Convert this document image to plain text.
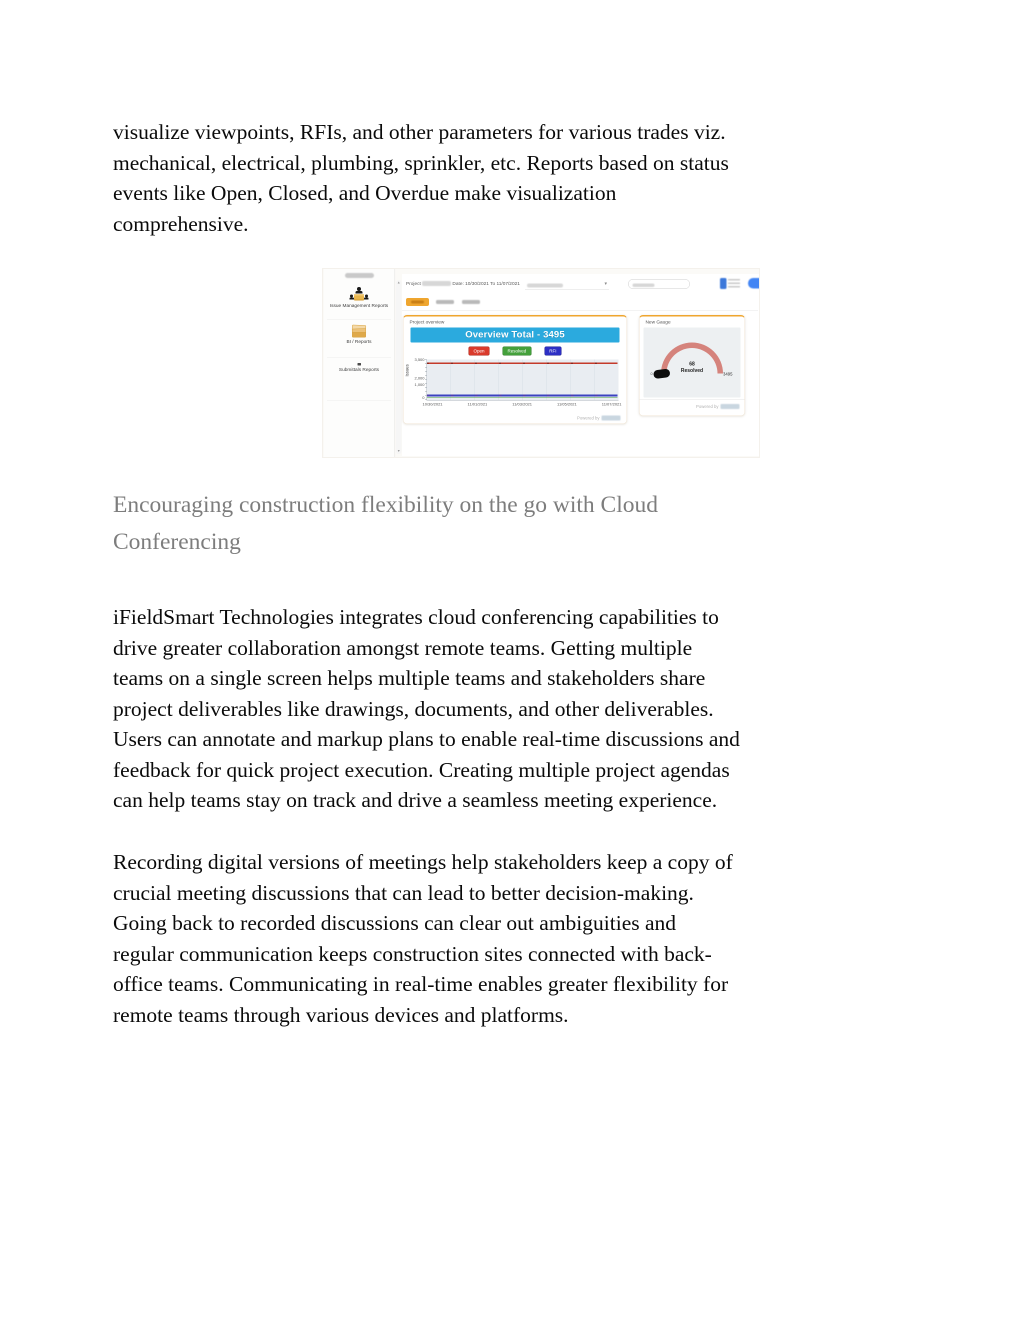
visualize viewpoints, RFIs, and other parameters for various trades viz.
mechanical, electrical, plumbing, sprinkler, etc. Reports based on status
events like Open, Closed, and Overdue make visualization
comprehensive.
Issue Management Reports
BI / Reports
Submittals Reports
▲
▼
Project	Date: 10/30/2021 To 11/07/2021	▾
Project overview
Overview Total - 3495
Open	Resolved	RFI
3,500
2,000
1,000
0
Issues
10/30/2021	11/01/2021	11/03/2021	11/05/2021	11/07/2021
Powered by
New Gauge
0
68
Resolved
3495
Powered by
Encouraging construction flexibility on the go with Cloud
Conferencing
iFieldSmart Technologies integrates cloud conferencing capabilities to
drive greater collaboration amongst remote teams. Getting multiple
teams on a single screen helps multiple teams and stakeholders share
project deliverables like drawings, documents, and other deliverables.
Users can annotate and markup plans to enable real-time discussions and
feedback for quick project execution. Creating multiple project agendas
can help teams stay on track and drive a seamless meeting experience.
Recording digital versions of meetings help stakeholders keep a copy of
crucial meeting discussions that can lead to better decision-making.
Going back to recorded discussions can clear out ambiguities and
regular communication keeps construction sites connected with back-
office teams. Communicating in real-time enables greater flexibility for
remote teams through various devices and platforms.
